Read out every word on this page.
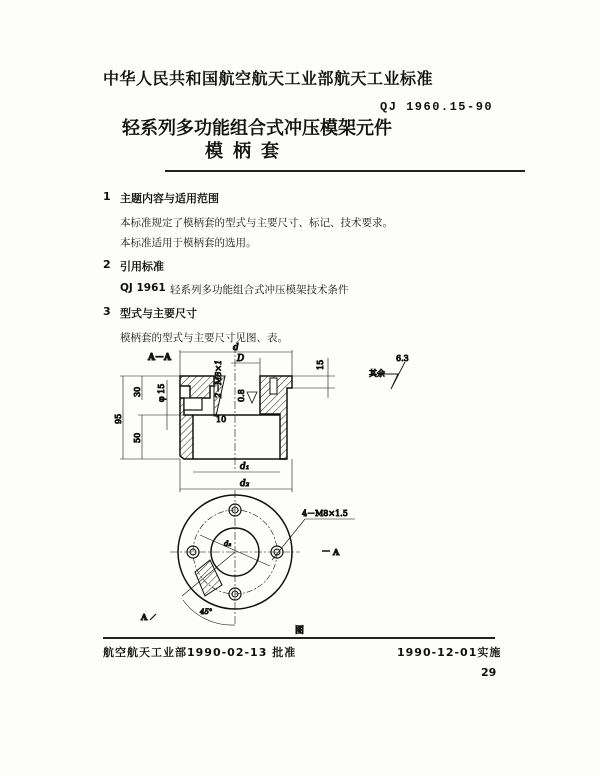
中华人民共和国航空航天工业部航天工业标准
QJ 1960.15-90
轻系列多功能组合式冲压模架元件
模柄套
1 主题内容与适用范围
本标准规定了模柄套的型式与主要尺寸、标记、技术要求。
本标准适用于模柄套的选用。
2 引用标准
QJ 1961 轻系列多功能组合式冲压模架技术条件
3 型式与主要尺寸
模柄套的型式与主要尺寸见图、表。
A－A
d
D
15
30 φ 15	2－M8×1 0.8
10
95
50
d₁
d₂
6.3
其余
4－M8×1.5
d₃
45°
A
A
图
航空航天工业部1990-02-13 批准	1990-12-01实施
29
